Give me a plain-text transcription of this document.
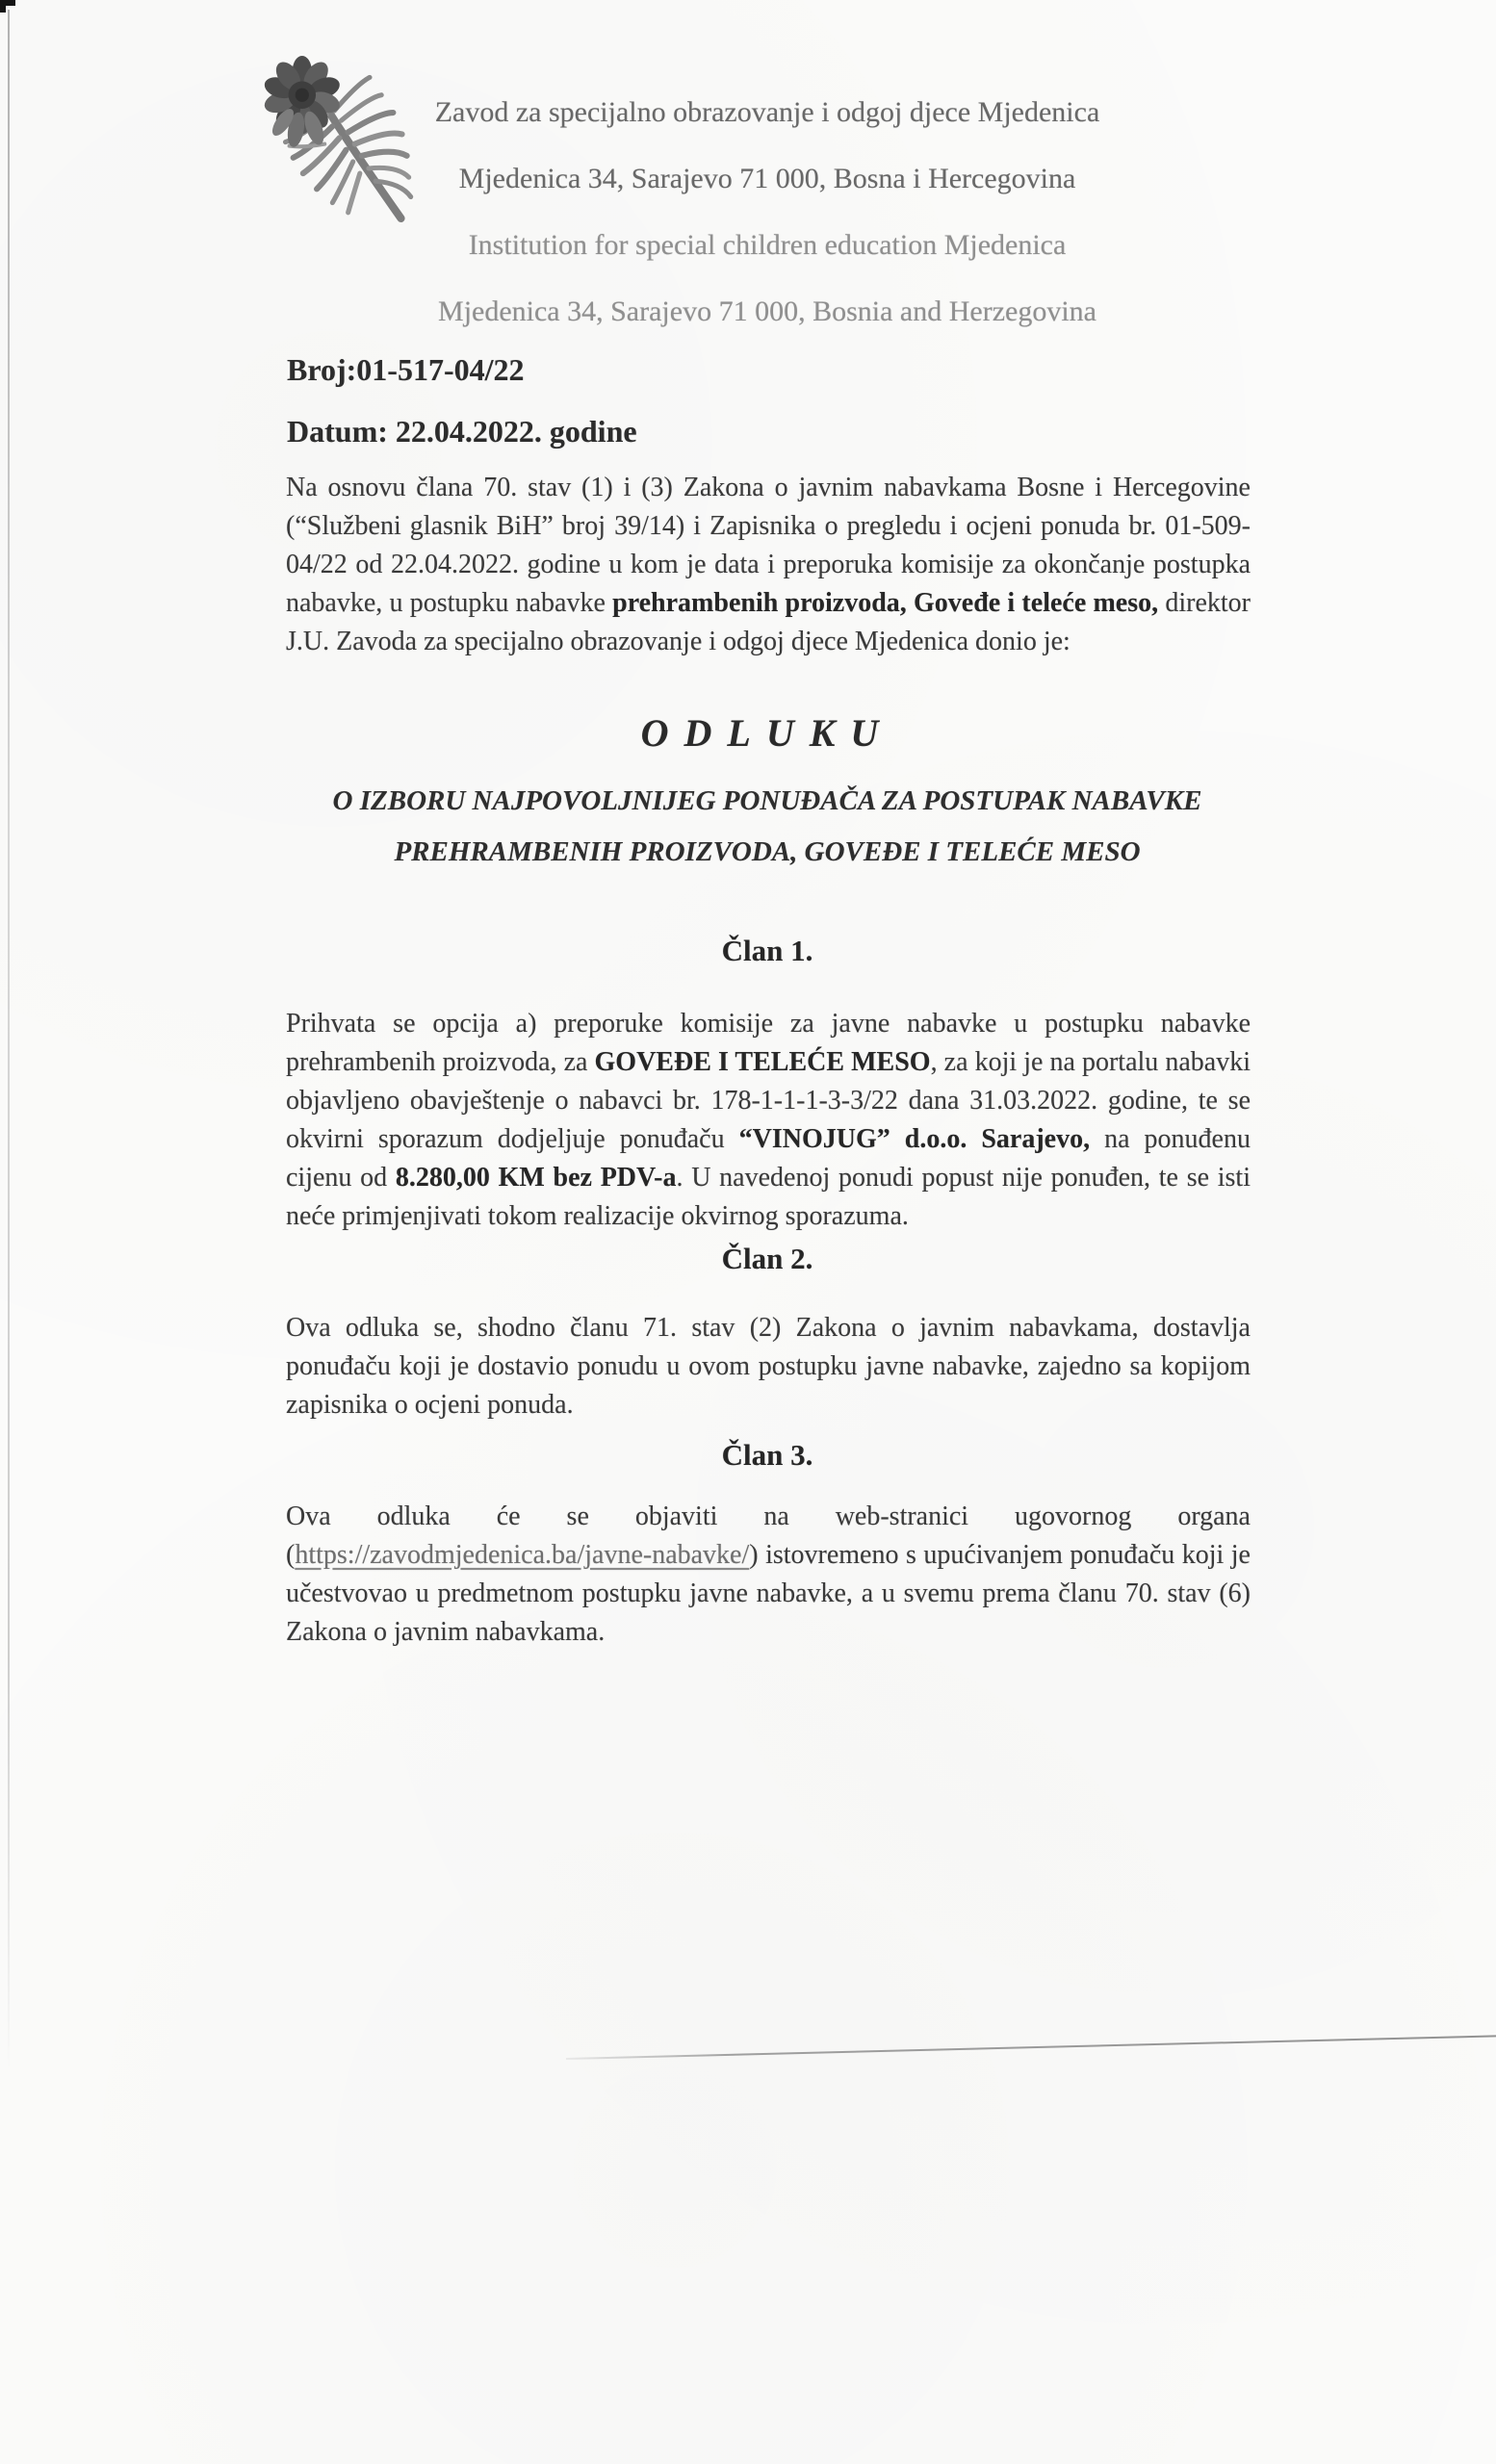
Zavod za specijalno obrazovanje i odgoj djece Mjedenica
Mjedenica 34, Sarajevo 71 000, Bosna i Hercegovina
Institution for special children education Mjedenica
Mjedenica 34, Sarajevo 71 000, Bosnia and Herzegovina
Broj:01-517-04/22
Datum: 22.04.2022. godine

Na osnovu člana 70. stav (1) i (3) Zakona o javnim nabavkama Bosne i Hercegovine (“Službeni glasnik BiH” broj 39/14) i Zapisnika o pregledu i ocjeni ponuda br. 01-509-04/22 od 22.04.2022. godine u kom je data i preporuka komisije za okončanje postupka nabavke, u postupku nabavke prehrambenih proizvoda, Goveđe i teleće meso, direktor J.U. Zavoda za specijalno obrazovanje i odgoj djece Mjedenica donio je:

ODLUKU
O IZBORU NAJPOVOLJNIJEG PONUĐAČA ZA POSTUPAK NABAVKE
PREHRAMBENIH PROIZVODA, GOVEĐE I TELEĆE MESO
Član 1.

Prihvata se opcija a) preporuke komisije za javne nabavke u postupku nabavke prehrambenih proizvoda, za GOVEĐE I TELEĆE MESO, za koji je na portalu nabavki objavljeno obavještenje o nabavci br. 178-1-1-1-3-3/22 dana 31.03.2022. godine, te se okvirni sporazum dodjeljuje ponuđaču “VINOJUG” d.o.o. Sarajevo, na ponuđenu cijenu od 8.280,00 KM bez PDV-a. U navedenoj ponudi popust nije ponuđen, te se isti neće primjenjivati tokom realizacije okvirnog sporazuma.

Član 2.

Ova odluka se, shodno članu 71. stav (2) Zakona o javnim nabavkama, dostavlja ponuđaču koji je dostavio ponudu u ovom postupku javne nabavke, zajedno sa kopijom zapisnika o ocjeni ponuda.

Član 3.

Ova odluka će se objaviti na web-stranici ugovornog organa (https://zavodmjedenica.ba/javne-nabavke/) istovremeno s upućivanjem ponuđaču koji je učestvovao u predmetnom postupku javne nabavke, a u svemu prema članu 70. stav (6) Zakona o javnim nabavkama.
